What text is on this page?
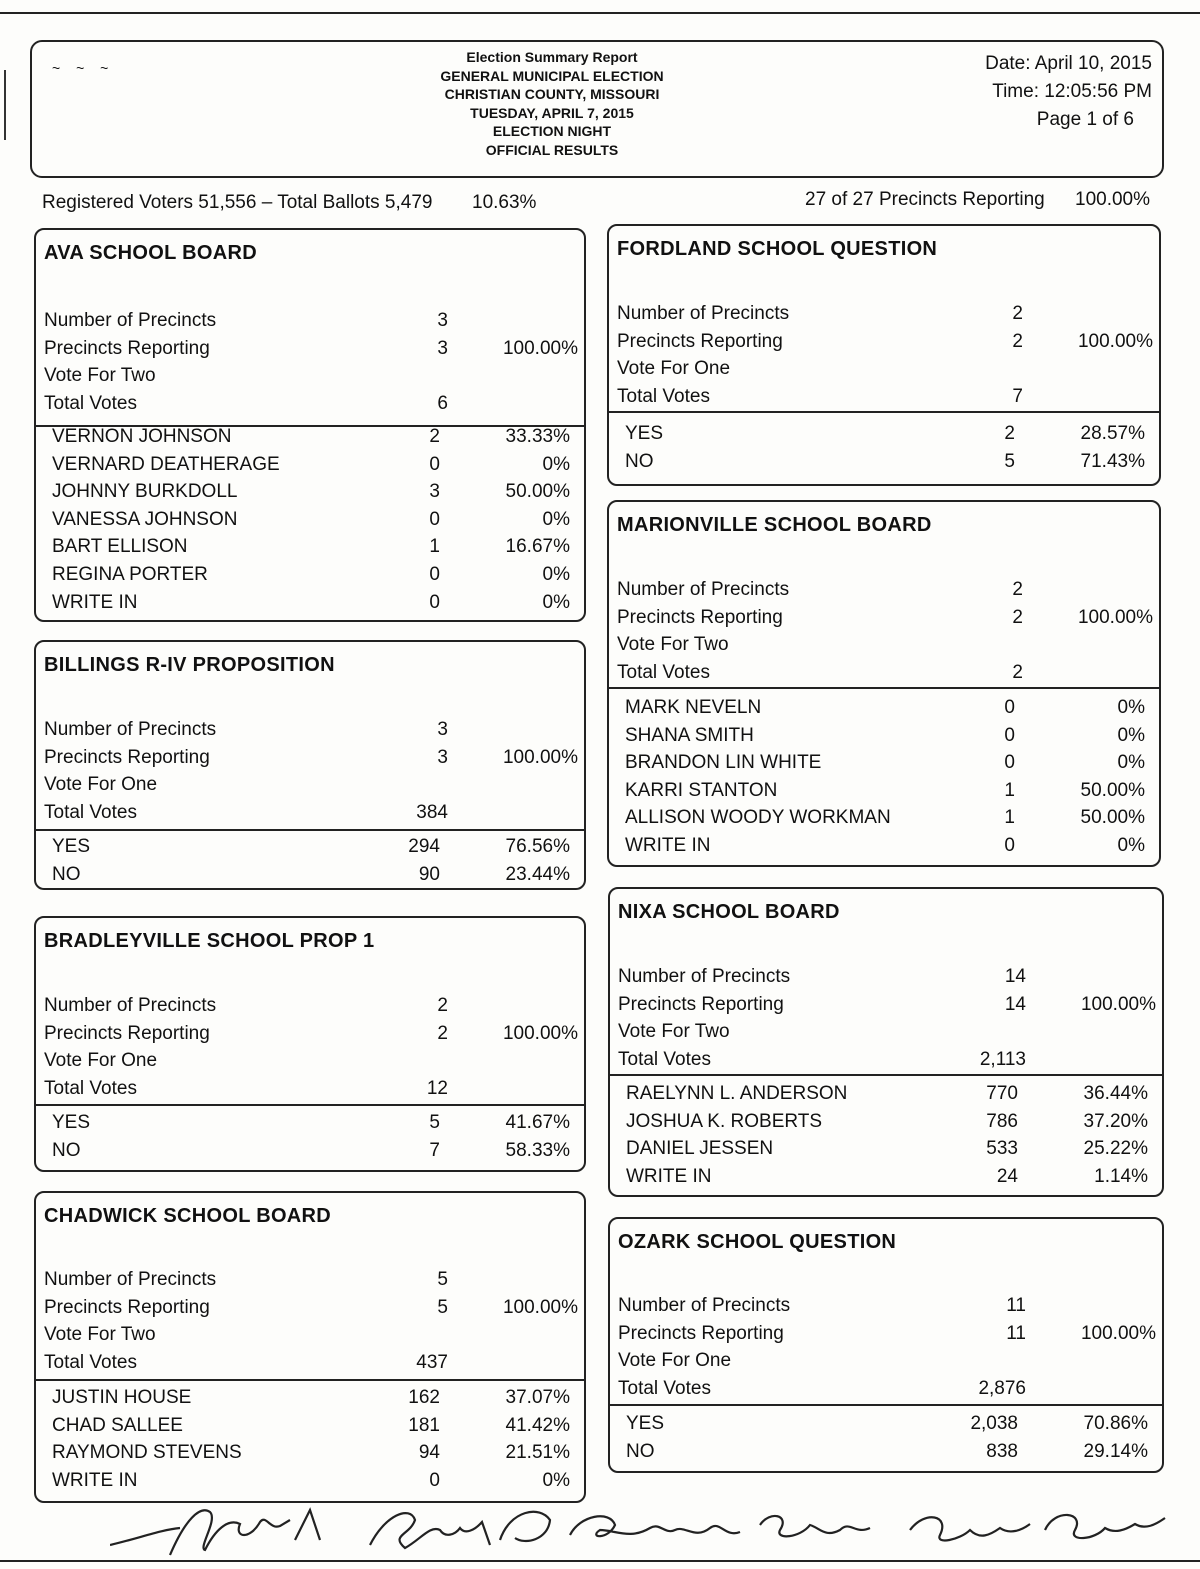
~ ~ ~
Election Summary Report
GENERAL MUNICIPAL ELECTION
CHRISTIAN COUNTY, MISSOURI
TUESDAY, APRIL 7, 2015
ELECTION NIGHT
OFFICIAL RESULTS
Date: April 10, 2015
Time: 12:05:56 PM
Page 1 of 6
Registered Voters 51,556 – Total Ballots 5,479 10.63%	27 of 27 Precincts Reporting 100.00%
AVA SCHOOL BOARD
Number of Precincts	3
Precincts Reporting	3	100.00%
Vote For Two
Total Votes	6
VERNON JOHNSON	2	33.33%
VERNARD DEATHERAGE	0	0%
JOHNNY BURKDOLL	3	50.00%
VANESSA JOHNSON	0	0%
BART ELLISON	1	16.67%
REGINA PORTER	0	0%
WRITE IN	0	0%
BILLINGS R-IV PROPOSITION
Number of Precincts	3
Precincts Reporting	3	100.00%
Vote For One
Total Votes	384
YES	294	76.56%
NO	90	23.44%
BRADLEYVILLE SCHOOL PROP 1
Number of Precincts	2
Precincts Reporting	2	100.00%
Vote For One
Total Votes	12
YES	5	41.67%
NO	7	58.33%
CHADWICK SCHOOL BOARD
Number of Precincts	5
Precincts Reporting	5	100.00%
Vote For Two
Total Votes	437
JUSTIN HOUSE	162	37.07%
CHAD SALLEE	181	41.42%
RAYMOND STEVENS	94	21.51%
WRITE IN	0	0%
FORDLAND SCHOOL QUESTION
Number of Precincts	2
Precincts Reporting	2	100.00%
Vote For One
Total Votes	7
YES	2	28.57%
NO	5	71.43%
MARIONVILLE SCHOOL BOARD
Number of Precincts	2
Precincts Reporting	2	100.00%
Vote For Two
Total Votes	2
MARK NEVELN	0	0%
SHANA SMITH	0	0%
BRANDON LIN WHITE	0	0%
KARRI STANTON	1	50.00%
ALLISON WOODY WORKMAN	1	50.00%
WRITE IN	0	0%
NIXA SCHOOL BOARD
Number of Precincts	14
Precincts Reporting	14	100.00%
Vote For Two
Total Votes	2,113
RAELYNN L. ANDERSON	770	36.44%
JOSHUA K. ROBERTS	786	37.20%
DANIEL JESSEN	533	25.22%
WRITE IN	24	1.14%
OZARK SCHOOL QUESTION
Number of Precincts	11
Precincts Reporting	11	100.00%
Vote For One
Total Votes	2,876
YES	2,038	70.86%
NO	838	29.14%
